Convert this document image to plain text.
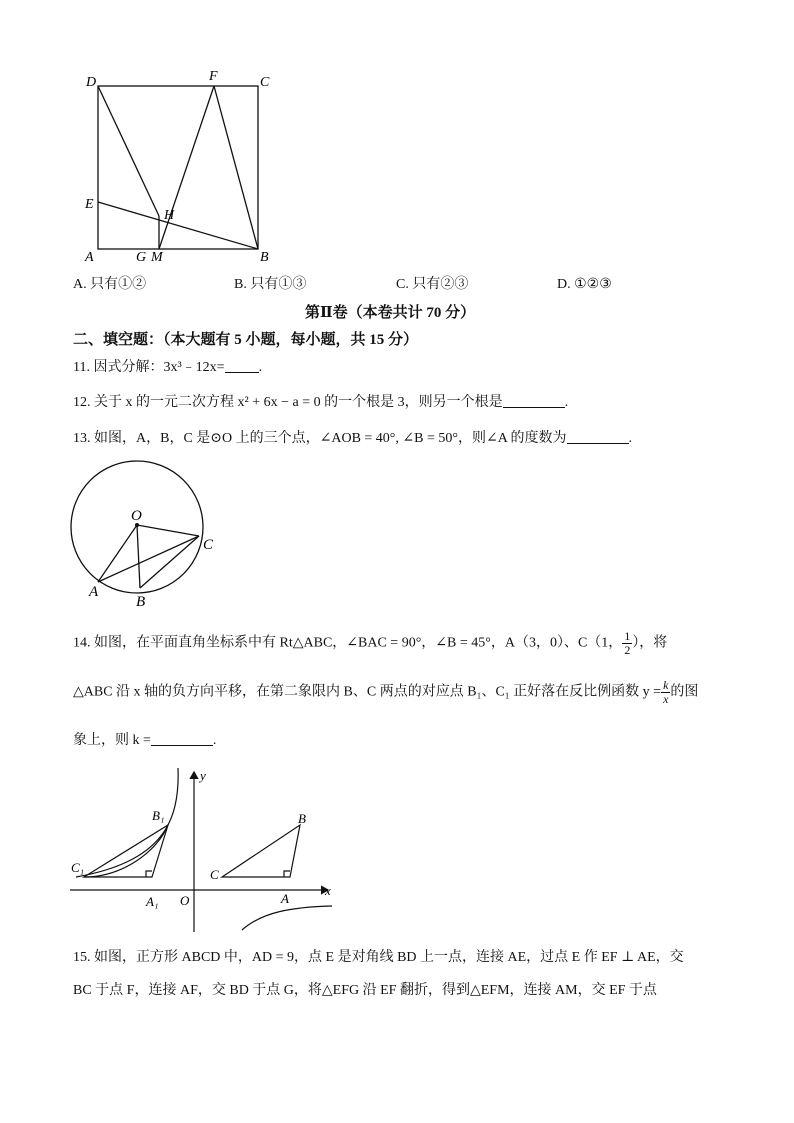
D	F	C
E
H
A	G M	B
A. 只有①②	B. 只有①③	C. 只有②③	D. ①②③
第Ⅱ卷（本卷共计 70 分）
二、填空题：（本大题有 5 小题，每小题，共 15 分）
11. 因式分解：3x³﹣12x= .
12. 关于 x 的一元二次方程 x² + 6x − a = 0 的一个根是 3，则另一个根是	.
13. 如图，A，B，C 是⊙O 上的三个点，∠AOB = 40°, ∠B = 50°，则∠A 的度数为	.
O
C
A
B
14. 如图，在平面直角坐标系中有 Rt△ABC，∠BAC = 90°，∠B = 45°，A（3，0）、C（1， $\frac{1}{2}$ ），将
△ABC 沿 x 轴的负方向平移，在第二象限内 B、C 两点的对应点 B₁、C₁ 正好落在反比例函数 $y = \frac{k}{x}$ 的图
象上，则 k =	.
y
x
O
B₁
C₁
A₁
B
C
A
15. 如图，正方形 ABCD 中，AD = 9，点 E 是对角线 BD 上一点，连接 AE，过点 E 作 EF ⊥ AE，交
BC 于点 F，连接 AF，交 BD 于点 G，将△EFG 沿 EF 翻折，得到△EFM，连接 AM，交 EF 于点
